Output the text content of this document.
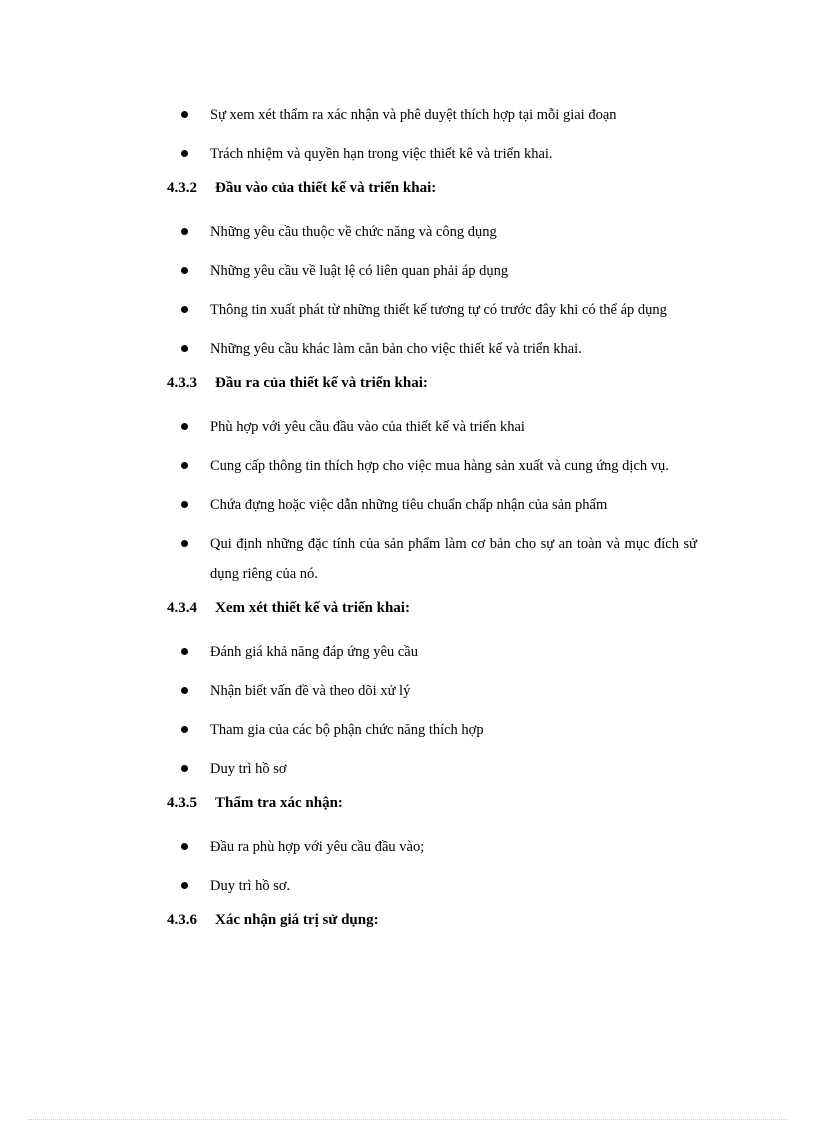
Sự xem xét thẩm ra xác nhận và phê duyệt thích hợp tại mỗi giai đoạn
Trách nhiệm và quyền hạn trong việc thiết kê và triển khai.
4.3.2 Đầu vào của thiết kế và triển khai:
Những yêu cầu thuộc về chức năng và công dụng
Những yêu cầu về luật lệ có liên quan phải áp dụng
Thông tin xuất phát từ những thiết kế tương tự có trước đây khi có thể áp dụng
Những yêu cầu khác làm căn bản cho việc thiết kế và triển khai.
4.3.3 Đầu ra của thiết kế và triển khai:
Phù hợp với yêu cầu đầu vào của thiết kế và triển khai
Cung cấp thông tin thích hợp cho việc mua hàng sản xuất và cung ứng dịch vụ.
Chứa đựng hoặc việc dẫn những tiêu chuẩn chấp nhận của sản phẩm
Qui định những đặc tính của sản phẩm làm cơ bản cho sự an toàn và mục đích sử dụng riêng của nó.
4.3.4 Xem xét thiết kế và triển khai:
Đánh giá khả năng đáp ứng yêu cầu
Nhận biết vấn đề và theo dõi xử lý
Tham gia của các bộ phận chức năng thích hợp
Duy trì hồ sơ
4.3.5 Thẩm tra xác nhận:
Đầu ra phù hợp với yêu cầu đầu vào;
Duy trì hồ sơ.
4.3.6 Xác nhận giá trị sử dụng:
